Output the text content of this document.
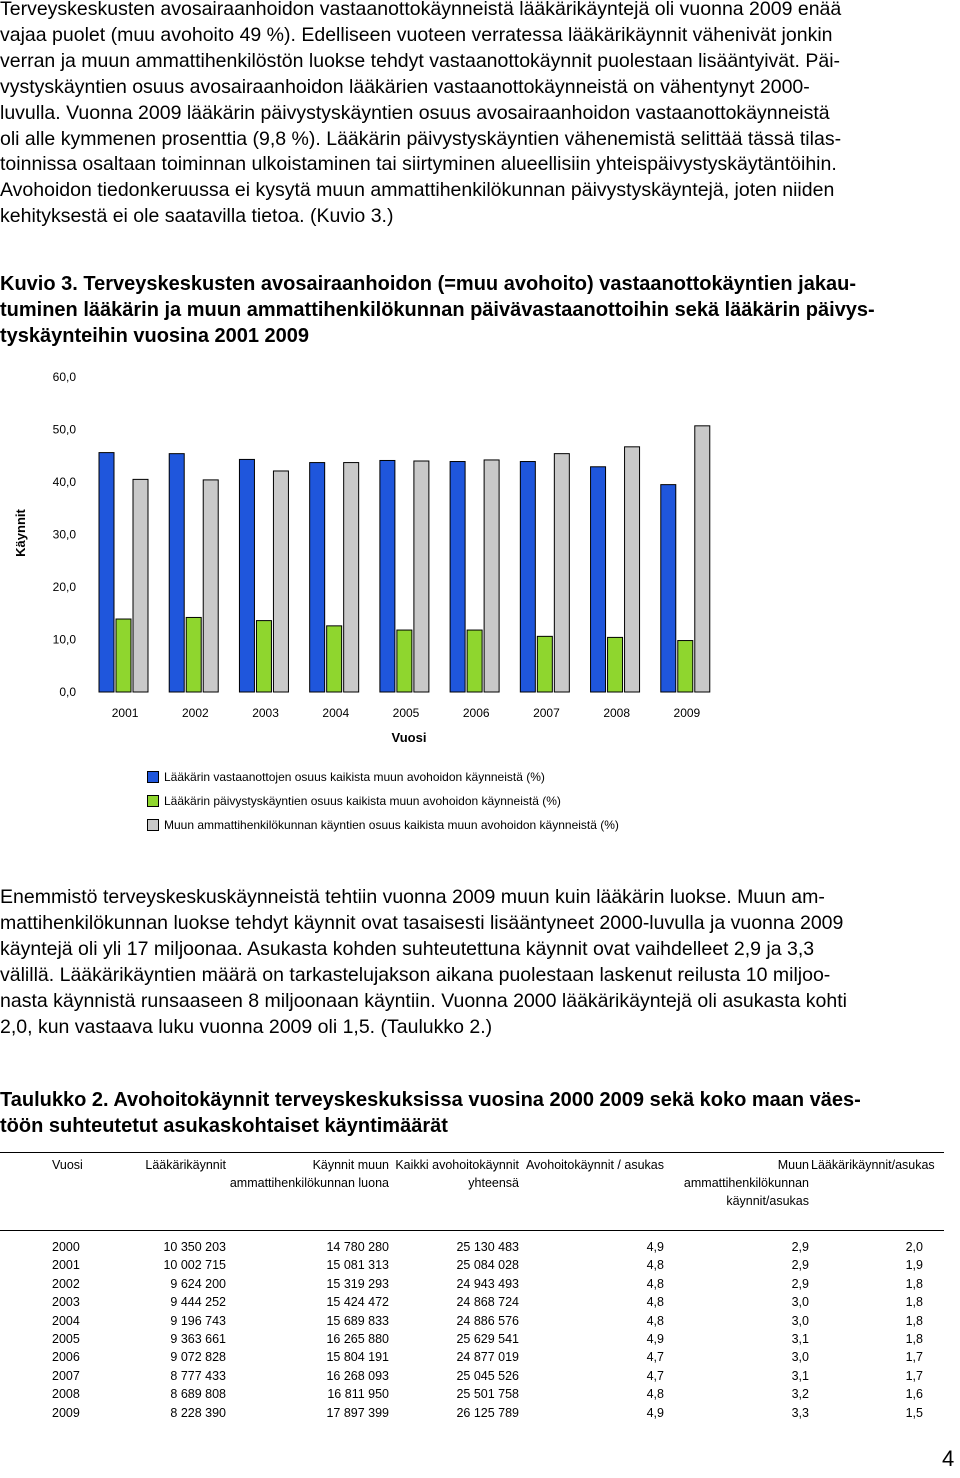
Terveyskeskusten avosairaanhoidon vastaanottokäynneistä lääkärikäyntejä oli vuonna 2009 enää
vajaa puolet (muu avohoito 49 %). Edelliseen vuoteen verratessa lääkärikäynnit vähenivät jonkin
verran ja muun ammattihenkilöstön luokse tehdyt vastaanottokäynnit puolestaan lisääntyivät. Päi-
vystyskäyntien osuus avosairaanhoidon lääkärien vastaanottokäynneistä on vähentynyt 2000-
luvulla. Vuonna 2009 lääkärin päivystyskäyntien osuus avosairaanhoidon vastaanottokäynneistä
oli alle kymmenen prosenttia (9,8 %). Lääkärin päivystyskäyntien vähenemistä selittää tässä tilas-
toinnissa osaltaan toiminnan ulkoistaminen tai siirtyminen alueellisiin yhteispäivystyskäytäntöihin.
Avohoidon tiedonkeruussa ei kysytä muun ammattihenkilökunnan päivystyskäyntejä, joten niiden
kehityksestä ei ole saatavilla tietoa. (Kuvio 3.)
Kuvio 3. Terveyskeskusten avosairaanhoidon (=muu avohoito) vastaanottokäyntien jakau-
tuminen lääkärin ja muun ammattihenkilökunnan päivävastaanottoihin sekä lääkärin päivys-
tyskäynteihin vuosina 2001 2009
0,0
10,0
20,0
30,0
40,0
50,0
60,0
Käynnit
2001	2002	2003	2004	2005	2006	2007	2008	2009
Vuosi
Lääkärin vastaanottojen osuus kaikista muun avohoidon käynneistä (%)
Lääkärin päivystyskäyntien osuus kaikista muun avohoidon käynneistä (%)
Muun ammattihenkilökunnan käyntien osuus kaikista muun avohoidon käynneistä (%)
Enemmistö terveyskeskuskäynneistä tehtiin vuonna 2009 muun kuin lääkärin luokse. Muun am-
mattihenkilökunnan luokse tehdyt käynnit ovat tasaisesti lisääntyneet 2000-luvulla ja vuonna 2009
käyntejä oli yli 17 miljoonaa. Asukasta kohden suhteutettuna käynnit ovat vaihdelleet 2,9 ja 3,3
välillä. Lääkärikäyntien määrä on tarkastelujakson aikana puolestaan laskenut reilusta 10 miljoo-
nasta käynnistä runsaaseen 8 miljoonaan käyntiin. Vuonna 2000 lääkärikäyntejä oli asukasta kohti
2,0, kun vastaava luku vuonna 2009 oli 1,5. (Taulukko 2.)
Taulukko 2. Avohoitokäynnit terveyskeskuksissa vuosina 2000 2009 sekä koko maan väes-
töön suhteutetut asukaskohtaiset käyntimäärät
Vuosi	Lääkärikäynnit	Käynnit muun ammattihenkilökunnan luona	Kaikki avohoitokäynnit yhteensä	Avohoitokäynnit / asukas	Muun ammattihenkilökunnan käynnit/asukas	Lääkärikäynnit/asukas
2000	10 350 203	14 780 280	25 130 483	4,9	2,9	2,0
2001	10 002 715	15 081 313	25 084 028	4,8	2,9	1,9
2002	9 624 200	15 319 293	24 943 493	4,8	2,9	1,8
2003	9 444 252	15 424 472	24 868 724	4,8	3,0	1,8
2004	9 196 743	15 689 833	24 886 576	4,8	3,0	1,8
2005	9 363 661	16 265 880	25 629 541	4,9	3,1	1,8
2006	9 072 828	15 804 191	24 877 019	4,7	3,0	1,7
2007	8 777 433	16 268 093	25 045 526	4,7	3,1	1,7
2008	8 689 808	16 811 950	25 501 758	4,8	3,2	1,6
2009	8 228 390	17 897 399	26 125 789	4,9	3,3	1,5
4
